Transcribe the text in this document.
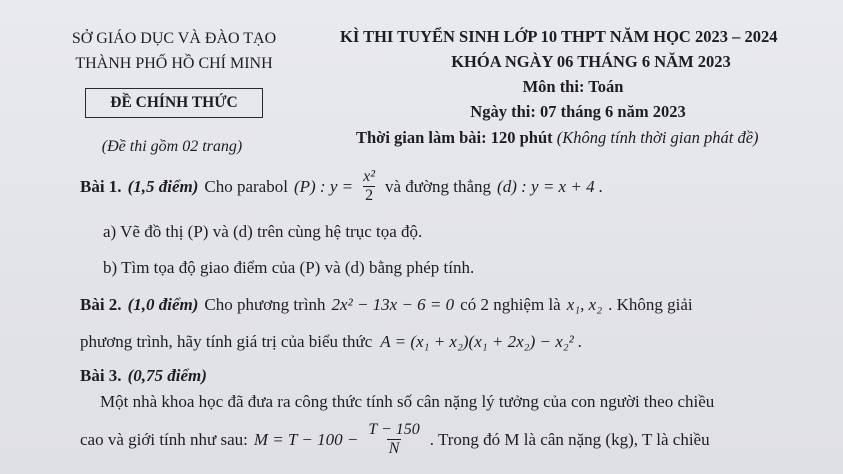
SỞ GIÁO DỤC VÀ ĐÀO TẠO
THÀNH PHỐ HỒ CHÍ MINH
ĐỀ CHÍNH THỨC
(Đề thi gồm 02 trang)
KÌ THI TUYỂN SINH LỚP 10 THPT NĂM HỌC 2023 – 2024
KHÓA NGÀY 06 THÁNG 6 NĂM 2023
Môn thi: Toán
Ngày thi: 07 tháng 6 năm 2023
Thời gian làm bài: 120 phút (Không tính thời gian phát đề)
Bài 1. (1,5 điểm) Cho parabol (P) : $y = \frac{\text{x²}}{2}$ và đường thẳng (d) : y = x + 4 .
a) Vẽ đồ thị (P) và (d) trên cùng hệ trục tọa độ.
b) Tìm tọa độ giao điểm của (P) và (d) bằng phép tính.
Bài 2. (1,0 điểm) Cho phương trình 2x² − 13x − 6 = 0 có 2 nghiệm là x₁, x₂ . Không giải
phương trình, hãy tính giá trị của biểu thức A = (x₁ + x₂)(x₁ + 2x₂) − x₂² .
Bài 3. (0,75 điểm)
Một nhà khoa học đã đưa ra công thức tính số cân nặng lý tưởng của con người theo chiều
cao và giới tính như sau: $M = T - 100 - \frac{T - 150}{N}$ . Trong đó M là cân nặng (kg), T là chiều
